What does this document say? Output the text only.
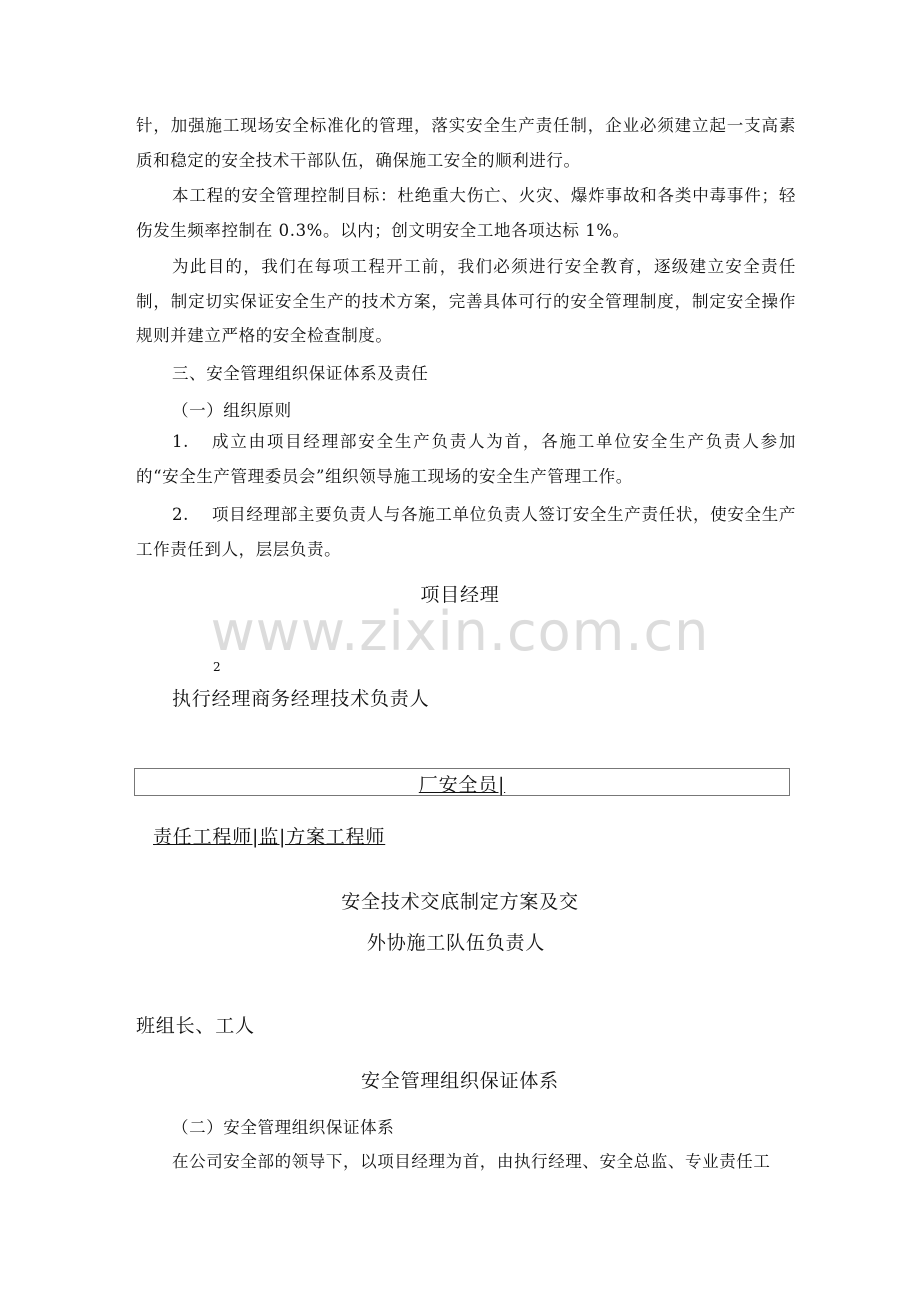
针，加强施工现场安全标准化的管理，落实安全生产责任制，企业必须建立起一支高素质和稳定的安全技术干部队伍，确保施工安全的顺利进行。

本工程的安全管理控制目标：杜绝重大伤亡、火灾、爆炸事故和各类中毒事件；轻伤发生频率控制在 0.3%。以内；创文明安全工地各项达标 1%。

为此目的，我们在每项工程开工前，我们必须进行安全教育，逐级建立安全责任制，制定切实保证安全生产的技术方案，完善具体可行的安全管理制度，制定安全操作规则并建立严格的安全检查制度。

三、安全管理组织保证体系及责任
（一）组织原则
1.	成立由项目经理部安全生产负责人为首，各施工单位安全生产负责人参加的“安全生产管理委员会”组织领导施工现场的安全生产管理工作。

2.	项目经理部主要负责人与各施工单位负责人签订安全生产责任状，使安全生产工作责任到人，层层负责。

www.zixin.com.cn
项目经理
2
执行经理商务经理技术负责人
厂安全员|
责任工程师|监|方案工程师
安全技术交底制定方案及交
外协施工队伍负责人
班组长、工人
安全管理组织保证体系
（二）安全管理组织保证体系

在公司安全部的领导下，以项目经理为首，由执行经理、安全总监、专业责任工
